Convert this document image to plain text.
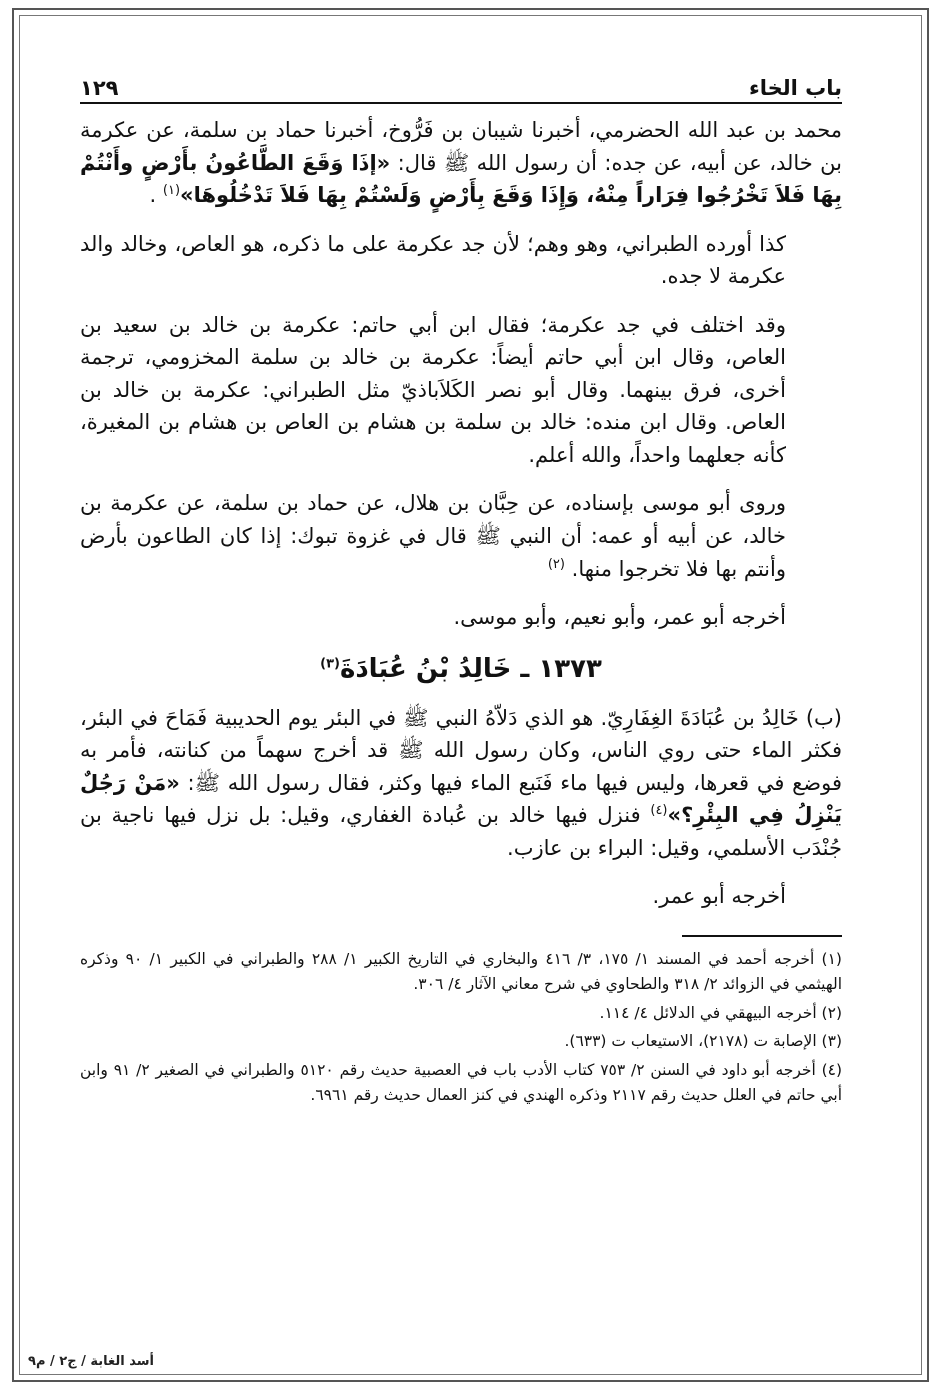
باب الخاء
١٢٩

محمد بن عبد الله الحضرمي، أخبرنا شيبان بن فَرُّوخ، أخبرنا حماد بن سلمة، عن عكرمة بن خالد، عن أبيه، عن جده: أن رسول الله ﷺ قال: «إذَا وَقَعَ الطَّاعُونُ بأَرْضٍ وأَنْتُمْ بِهَا فَلاَ تَخْرُجُوا فِرَاراً مِنْهُ، وَإِذَا وَقَعَ بِأَرْضٍ وَلَسْتُمْ بِهَا فَلاَ تَدْخُلُوهَا»$^{(١)}$ .

كذا أورده الطبراني، وهو وهم؛ لأن جد عكرمة على ما ذكره، هو العاص، وخالد والد عكرمة لا جده.

وقد اختلف في جد عكرمة؛ فقال ابن أبي حاتم: عكرمة بن خالد بن سعيد بن العاص، وقال ابن أبي حاتم أيضاً: عكرمة بن خالد بن سلمة المخزومي، ترجمة أخرى، فرق بينهما. وقال أبو نصر الكَلاَباذيّ مثل الطبراني: عكرمة بن خالد بن العاص. وقال ابن منده: خالد بن سلمة بن هشام بن العاص بن هشام بن المغيرة، كأنه جعلهما واحداً، والله أعلم.

وروى أبو موسى بإسناده، عن حِبَّان بن هلال، عن حماد بن سلمة، عن عكرمة بن خالد، عن أبيه أو عمه: أن النبي ﷺ قال في غزوة تبوك: إذا كان الطاعون بأرض وأنتم بها فلا تخرجوا منها. $^{(٢)}$

أخرجه أبو عمر، وأبو نعيم، وأبو موسى.

١٣٧٣ ـ خَالِدُ بْنُ عُبَادَةَ$^{(٣)}$

(ب) خَالِدُ بن عُبَادَةَ الغِفَارِيّ. هو الذي دَلاّهُ النبي ﷺ في البئر يوم الحديبية فَمَاحَ في البئر، فكثر الماء حتى روي الناس، وكان رسول الله ﷺ قد أخرج سهماً من كنانته، فأمر به فوضع في قعرها، وليس فيها ماء فَنَبع الماء فيها وكثر، فقال رسول الله ﷺ: «مَنْ رَجُلٌ يَنْزِلُ فِي البِئْرِ؟»$^{(٤)}$ فنزل فيها خالد بن عُبادة الغفاري، وقيل: بل نزل فيها ناجية بن جُنْدَب الأسلمي، وقيل: البراء بن عازب.

أخرجه أبو عمر.

(١) أخرجه أحمد في المسند ١/ ١٧٥، ٣/ ٤١٦ والبخاري في التاريخ الكبير ١/ ٢٨٨ والطبراني في الكبير ١/ ٩٠ وذكره الهيثمي في الزوائد ٢/ ٣١٨ والطحاوي في شرح معاني الآثار ٤/ ٣٠٦.

(٢) أخرجه البيهقي في الدلائل ٤/ ١١٤.

(٣) الإصابة ت (٢١٧٨)، الاستيعاب ت (٦٣٣).

(٤) أخرجه أبو داود في السنن ٢/ ٧٥٣ كتاب الأدب باب في العصبية حديث رقم ٥١٢٠ والطبراني في الصغير ٢/ ٩١ وابن أبي حاتم في العلل حديث رقم ٢١١٧ وذكره الهندي في كنز العمال حديث رقم ٦٩٦١.

أسد الغابة / ج٢ / م٩
